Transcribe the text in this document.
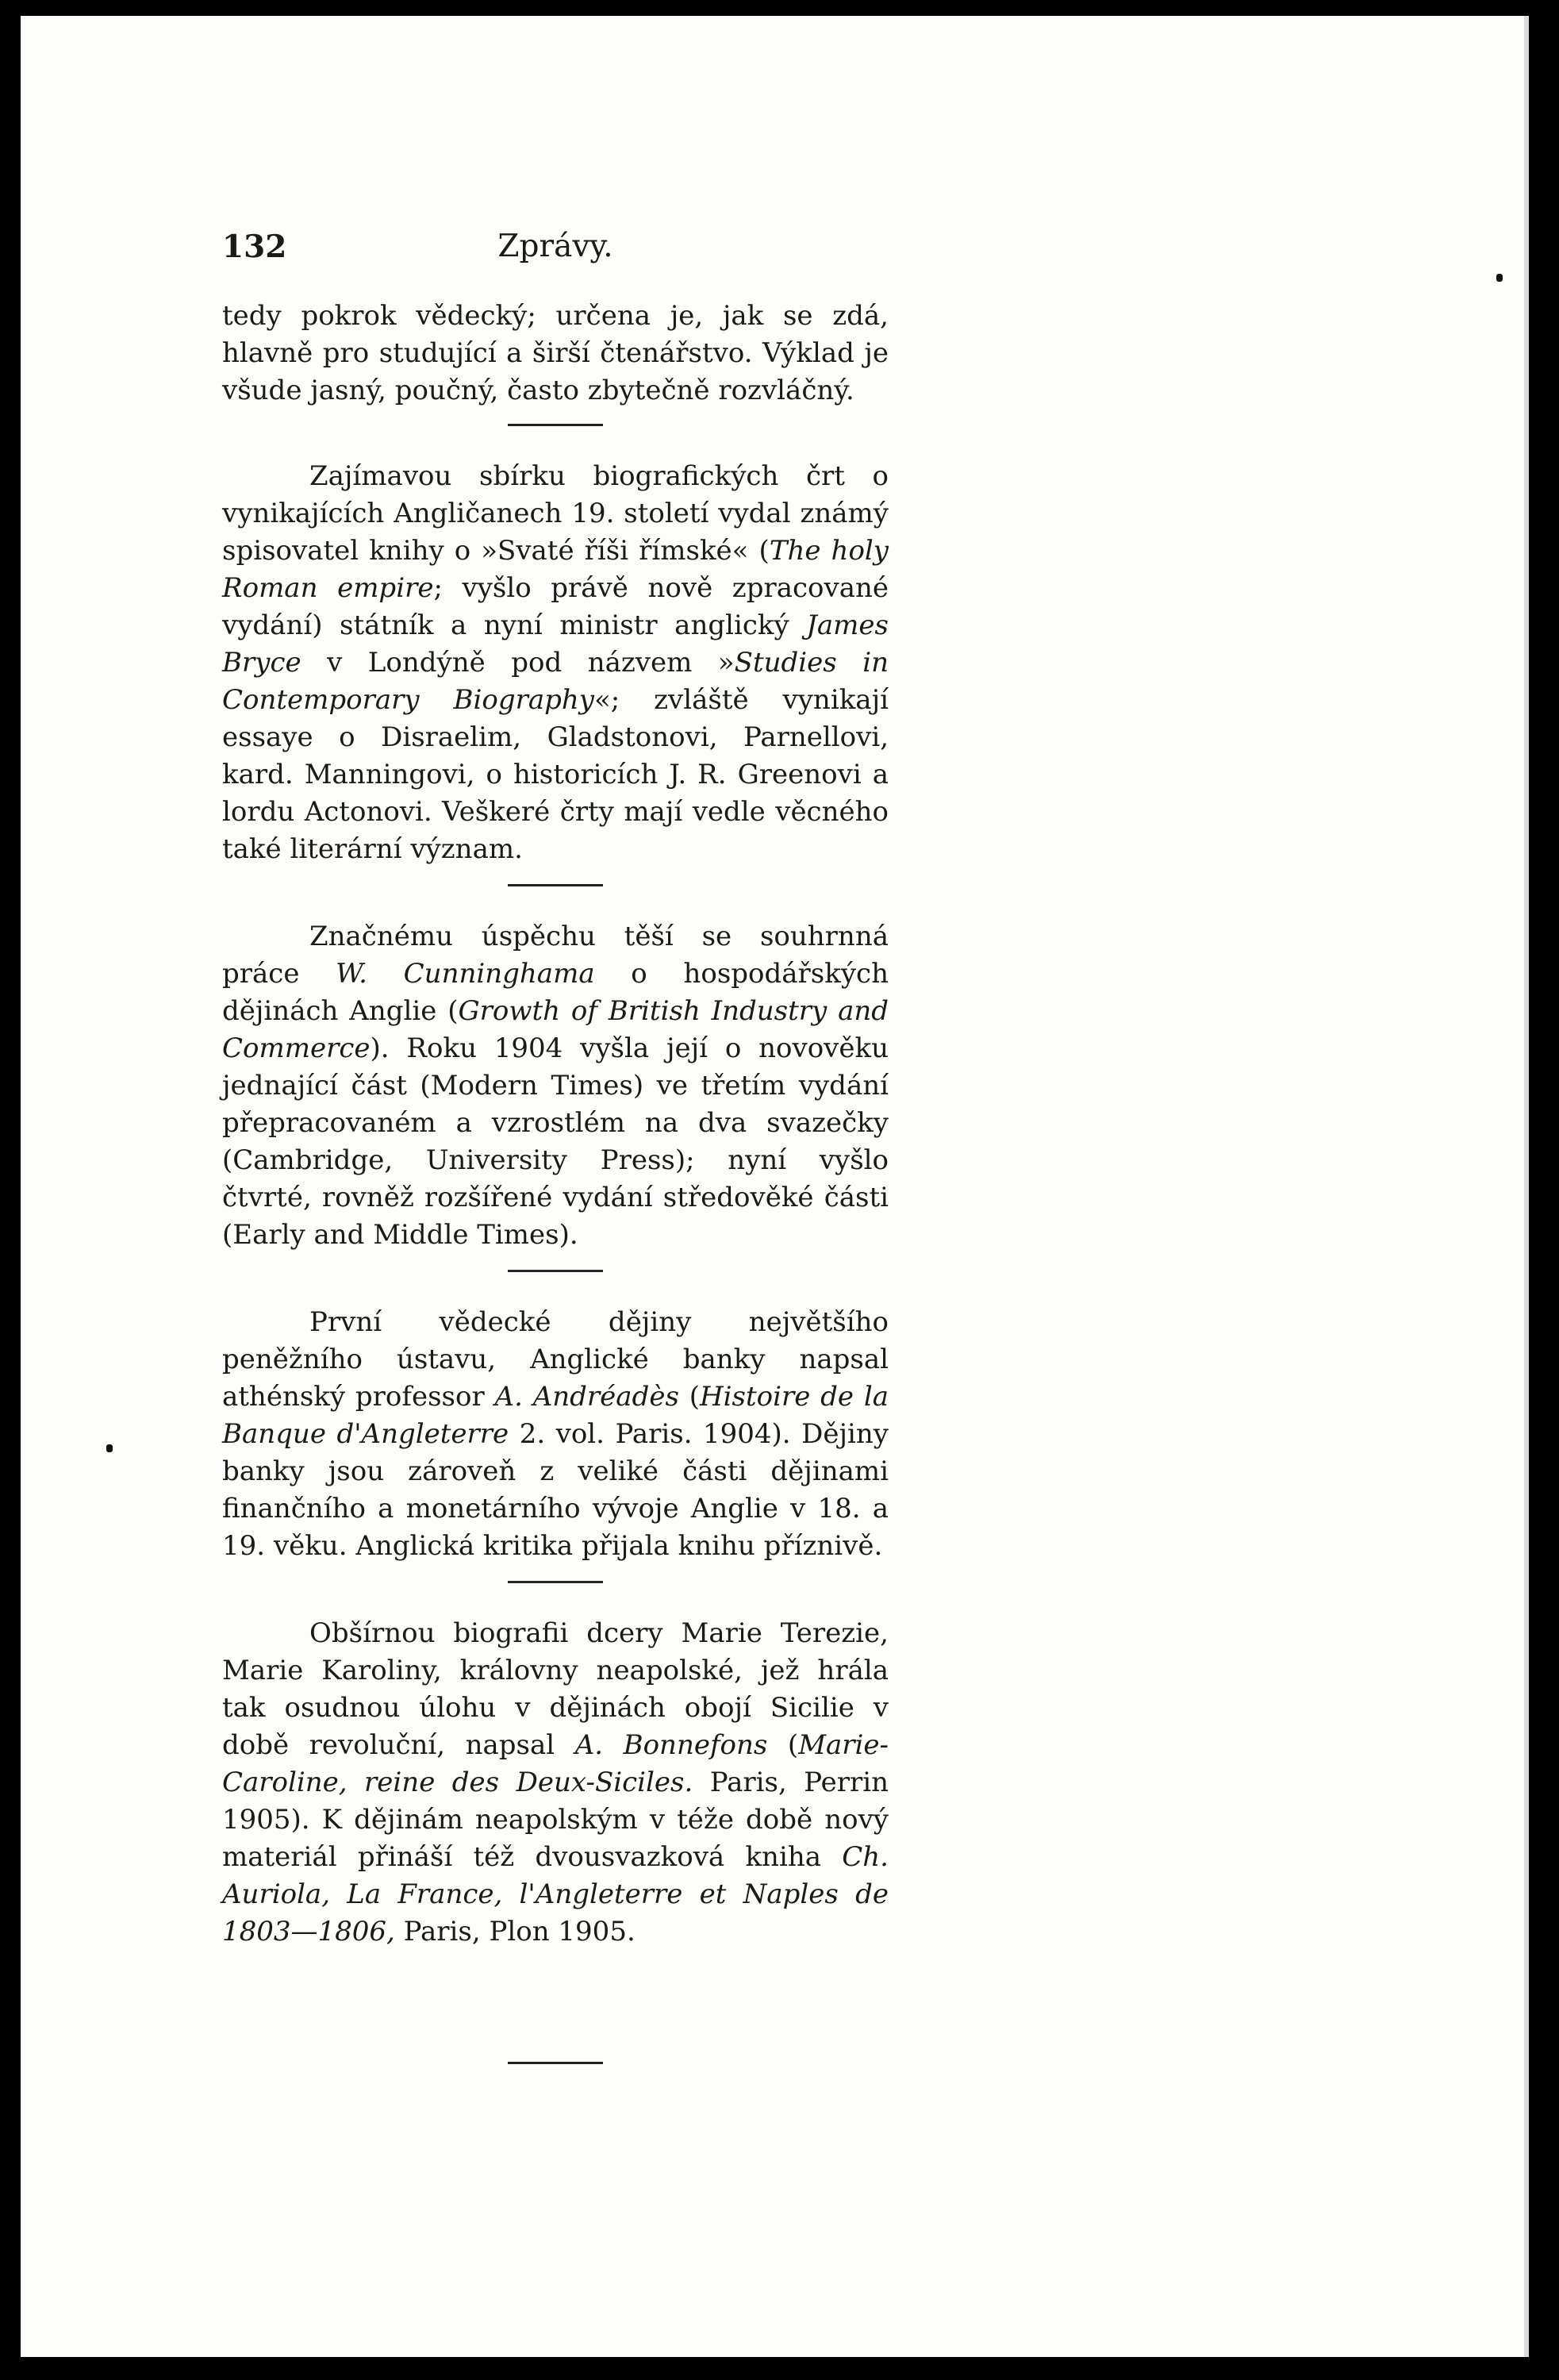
132	Zprávy.

tedy pokrok vědecký; určena je, jak se zdá, hlavně pro studující a širší čtenářstvo. Výklad je všude jasný, poučný, často zbytečně rozvláčný.

Zajímavou sbírku biografických črt o vynikajících Angličanech 19. století vydal známý spisovatel knihy o »Svaté říši římské« (The holy Roman empire; vyšlo právě nově zpracované vydání) státník a nyní ministr anglický James Bryce v Londýně pod názvem »Studies in Contemporary Biography«; zvláště vynikají essaye o Disraelim, Gladstonovi, Parnellovi, kard. Manningovi, o historicích J. R. Greenovi a lordu Actonovi. Veškeré črty mají vedle věcného také literární význam.

Značnému úspěchu těší se souhrnná práce W. Cunninghama o hospodářských dějinách Anglie (Growth of British Industry and Commerce). Roku 1904 vyšla její o novověku jednající část (Modern Times) ve třetím vydání přepracovaném a vzrostlém na dva svazečky (Cambridge, University Press); nyní vyšlo čtvrté, rovněž rozšířené vydání středověké části (Early and Middle Times).

První vědecké dějiny největšího peněžního ústavu, Anglické banky napsal athénský professor A. Andréadès (Histoire de la Banque d'Angleterre 2. vol. Paris. 1904). Dějiny banky jsou zároveň z veliké části dějinami finančního a monetárního vývoje Anglie v 18. a 19. věku. Anglická kritika přijala knihu příznivě.

Obšírnou biografii dcery Marie Terezie, Marie Karoliny, královny neapolské, jež hrála tak osudnou úlohu v dějinách obojí Sicilie v době revoluční, napsal A. Bonnefons (Marie-Caroline, reine des Deux-Siciles. Paris, Perrin 1905). K dějinám neapolským v téže době nový materiál přináší též dvousvazková kniha Ch. Auriola, La France, l'Angleterre et Naples de 1803—1806, Paris, Plon 1905.
